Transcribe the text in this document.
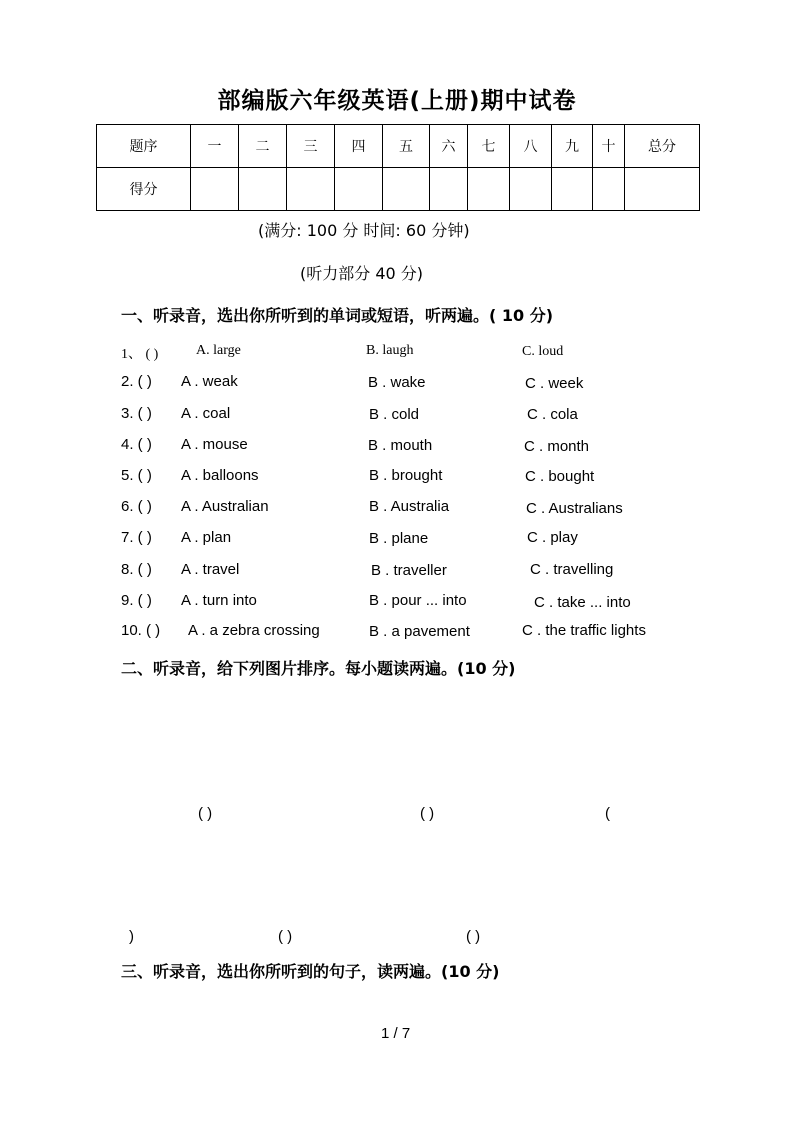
部编版六年级英语(上册)期中试卷
题序	一	二	三	四	五	六	七	八	九	十	总分
得分											
(满分: 100 分 时间: 60 分钟)
(听力部分 40 分)
一、听录音，选出你所听到的单词或短语，听两遍。( 10 分)
1、 ( )	A. large	B. laugh	C. loud
2. ( ) A . weak	B . wake	C . week
3. ( ) A . coal	B . cold	C . cola
4. ( ) A . mouse	B . mouth	C . month
5. ( ) A . balloons	B . brought	C . bought
6. ( ) A . Australian	B . Australia	C . Australians
7. ( ) A . plan	B . plane	C . play
8. ( ) A . travel	B . traveller	C . travelling
9. ( ) A . turn into	B . pour ... into	C . take ... into
10. ( ) A . a zebra crossing	B . a pavement	C . the traffic lights
二、听录音，给下列图片排序。每小题读两遍。(10 分)
( )	( )	(
)	( )	( )
三、听录音，选出你所听到的句子，读两遍。(10 分)
1 / 7
